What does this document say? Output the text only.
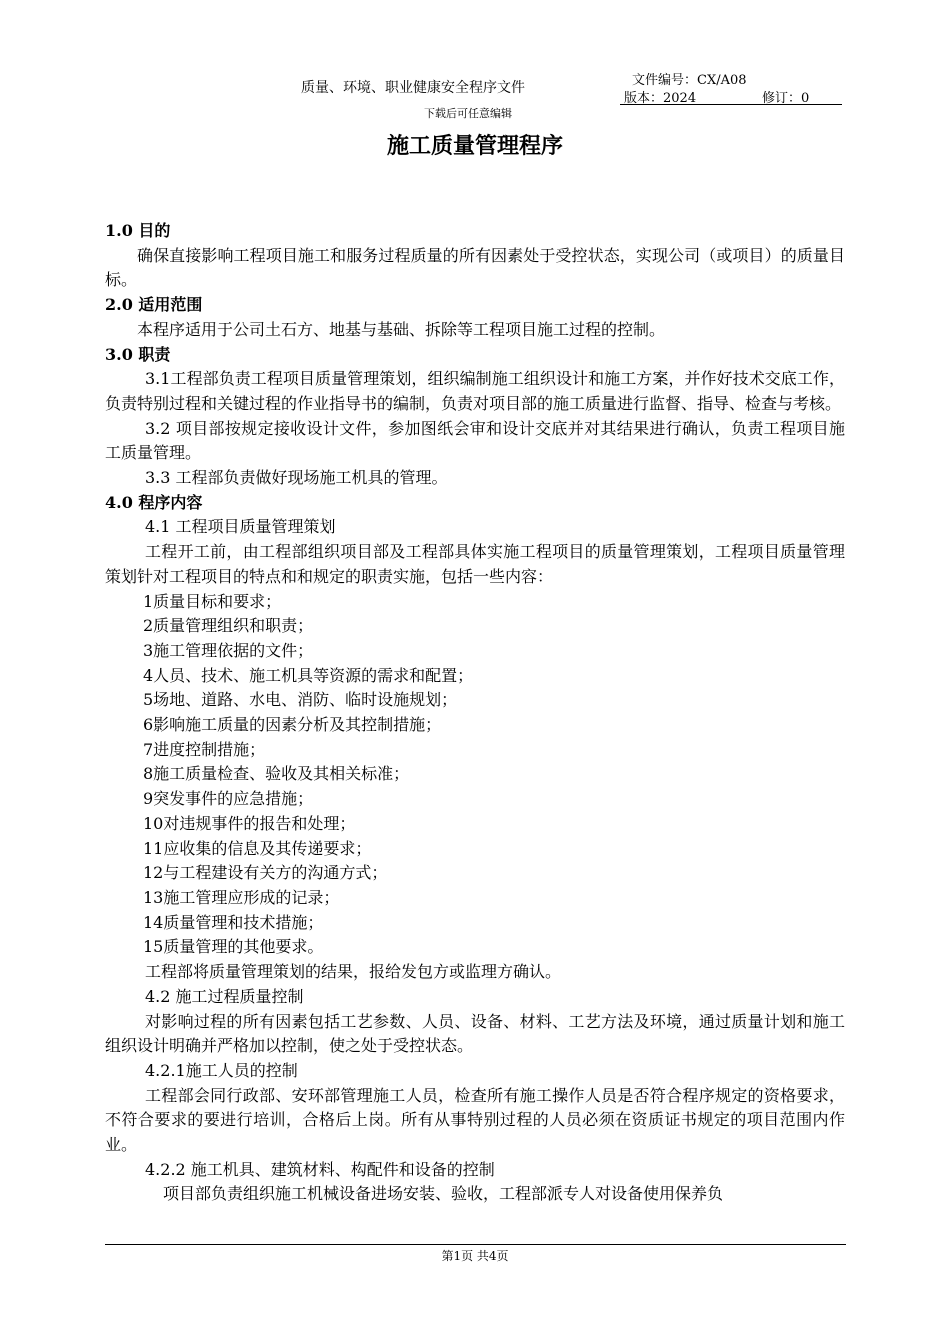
质量、环境、职业健康安全程序文件
下载后可任意编辑
文件编号：CX/A08
版本：2024	修订：0
施工质量管理程序

1.0 目的

确保直接影响工程项目施工和服务过程质量的所有因素处于受控状态，实现公司（或项目）的质量目标。

2.0 适用范围

本程序适用于公司土石方、地基与基础、拆除等工程项目施工过程的控制。

3.0 职责

3.1工程部负责工程项目质量管理策划，组织编制施工组织设计和施工方案，并作好技术交底工作，负责特别过程和关键过程的作业指导书的编制，负责对项目部的施工质量进行监督、指导、检查与考核。

3.2 项目部按规定接收设计文件，参加图纸会审和设计交底并对其结果进行确认，负责工程项目施工质量管理。

3.3 工程部负责做好现场施工机具的管理。

4.0 程序内容

4.1 工程项目质量管理策划

工程开工前，由工程部组织项目部及工程部具体实施工程项目的质量管理策划，工程项目质量管理策划针对工程项目的特点和和规定的职责实施，包括一些内容：

1质量目标和要求；

2质量管理组织和职责；

3施工管理依据的文件；

4人员、技术、施工机具等资源的需求和配置；

5场地、道路、水电、消防、临时设施规划；

6影响施工质量的因素分析及其控制措施；

7进度控制措施；

8施工质量检查、验收及其相关标准；

9突发事件的应急措施；

10对违规事件的报告和处理；

11应收集的信息及其传递要求；

12与工程建设有关方的沟通方式；

13施工管理应形成的记录；

14质量管理和技术措施；

15质量管理的其他要求。

工程部将质量管理策划的结果，报给发包方或监理方确认。

4.2 施工过程质量控制

对影响过程的所有因素包括工艺参数、人员、设备、材料、工艺方法及环境，通过质量计划和施工组织设计明确并严格加以控制，使之处于受控状态。

4.2.1施工人员的控制

工程部会同行政部、安环部管理施工人员，检查所有施工操作人员是否符合程序规定的资格要求，不符合要求的要进行培训，合格后上岗。所有从事特别过程的人员必须在资质证书规定的项目范围内作业。

4.2.2 施工机具、建筑材料、构配件和设备的控制

项目部负责组织施工机械设备进场安装、验收，工程部派专人对设备使用保养负

第1页 共4页
